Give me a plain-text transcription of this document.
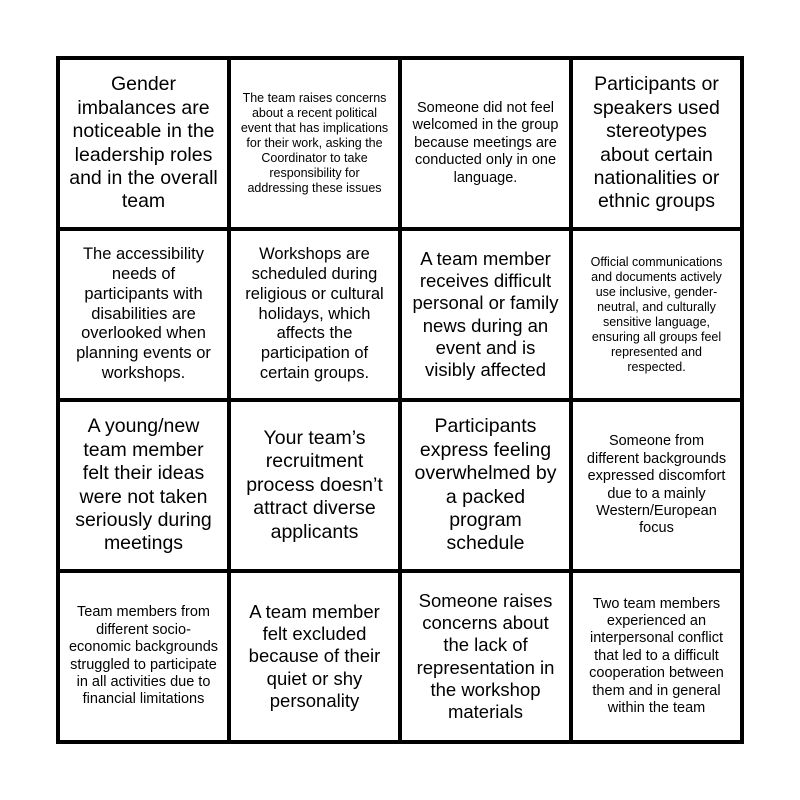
Gender imbalances are noticeable in the leadership roles and in the overall team
The team raises concerns about a recent political event that has implications for their work, asking the Coordinator to take responsibility for addressing these issues
Someone did not feel welcomed in the group because meetings are conducted only in one language.
Participants or speakers used stereotypes about certain nationalities or ethnic groups
The accessibility needs of participants with disabilities are overlooked when planning events or workshops.
Workshops are scheduled during religious or cultural holidays, which affects the participation of certain groups.
A team member receives difficult personal or family news during an event and is visibly affected
Official communications and documents actively use inclusive, gender-neutral, and culturally sensitive language, ensuring all groups feel represented and respected.
A young/new team member felt their ideas were not taken seriously during meetings
Your team’s recruitment process doesn’t attract diverse applicants
Participants express feeling overwhelmed by a packed program schedule
Someone from different backgrounds expressed discomfort due to a mainly Western/European focus
Team members from different socio-economic backgrounds struggled to participate in all activities due to financial limitations
A team member felt excluded because of their quiet or shy personality
Someone raises concerns about the lack of representation in the workshop materials
Two team members experienced an interpersonal conflict that led to a difficult cooperation between them and in general within the team
